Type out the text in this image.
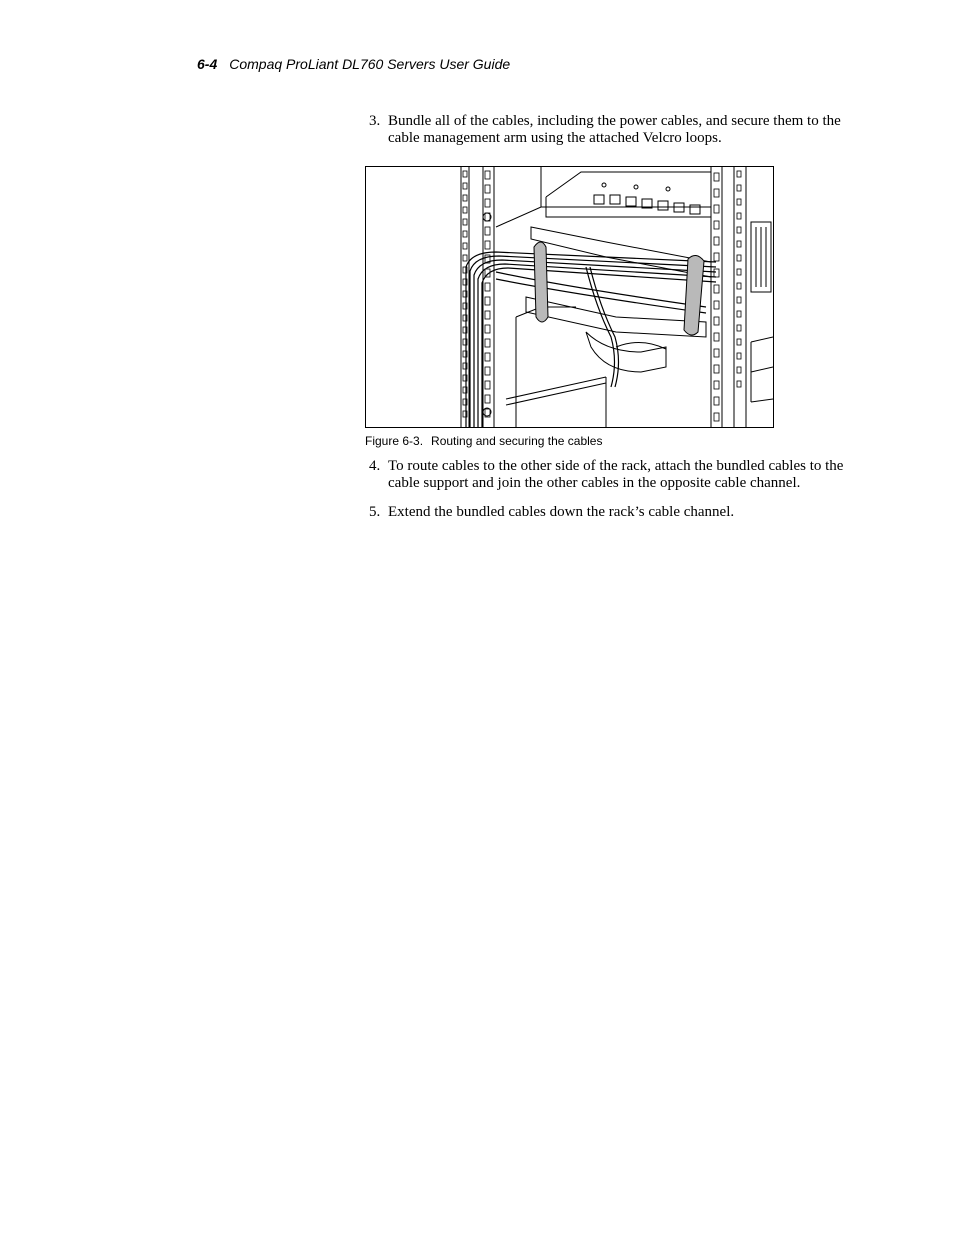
6-4 Compaq ProLiant DL760 Servers User Guide
3. Bundle all of the cables, including the power cables, and secure them to the cable management arm using the attached Velcro loops.
Figure 6-3. Routing and securing the cables
4. To route cables to the other side of the rack, attach the bundled cables to the cable support and join the other cables in the opposite cable channel.
5. Extend the bundled cables down the rack’s cable channel.
